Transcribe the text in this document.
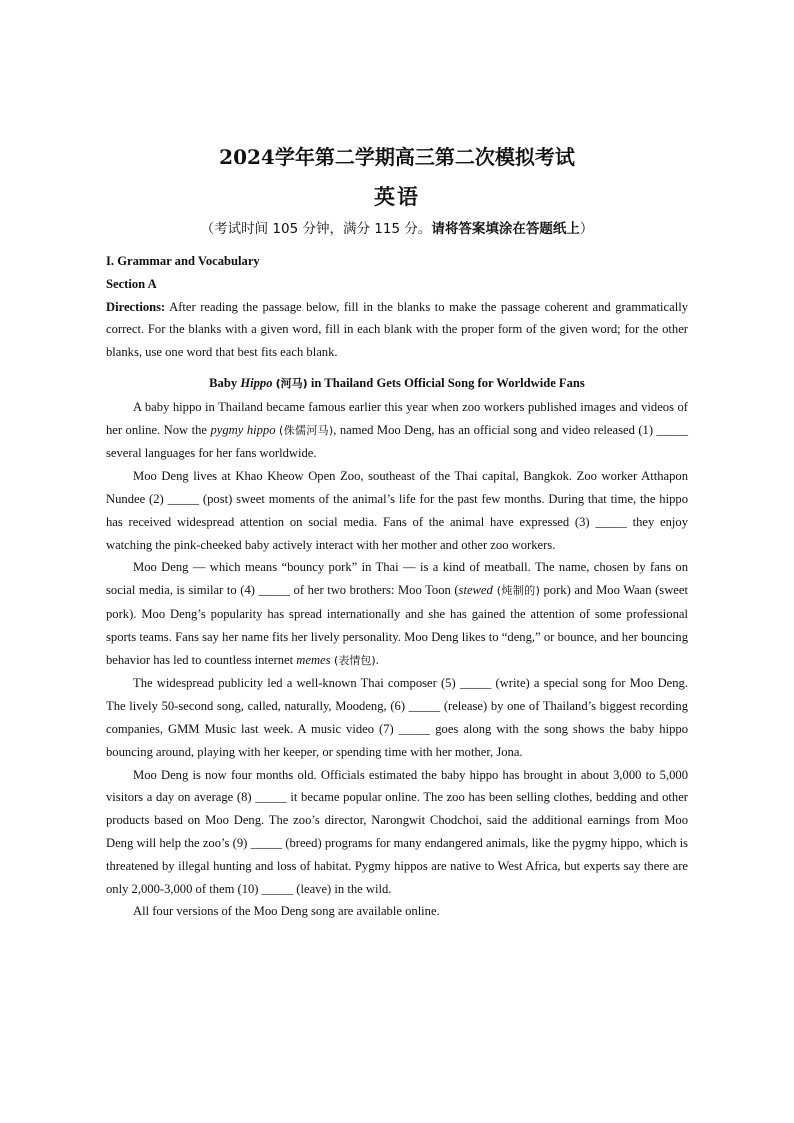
2024学年第二学期高三第二次模拟考试
英语
（考试时间 105 分钟，满分 115 分。请将答案填涂在答题纸上）

I. Grammar and Vocabulary

Section A

Directions: After reading the passage below, fill in the blanks to make the passage coherent and grammatically correct. For the blanks with a given word, fill in each blank with the proper form of the given word; for the other blanks, use one word that best fits each blank.

Baby Hippo (河马) in Thailand Gets Official Song for Worldwide Fans

A baby hippo in Thailand became famous earlier this year when zoo workers published images and videos of her online. Now the pygmy hippo (侏儒河马), named Moo Deng, has an official song and video released (1) _____ several languages for her fans worldwide.

Moo Deng lives at Khao Kheow Open Zoo, southeast of the Thai capital, Bangkok. Zoo worker Atthapon Nundee (2) _____ (post) sweet moments of the animal’s life for the past few months. During that time, the hippo has received widespread attention on social media. Fans of the animal have expressed (3) _____ they enjoy watching the pink-cheeked baby actively interact with her mother and other zoo workers.

Moo Deng — which means “bouncy pork” in Thai — is a kind of meatball. The name, chosen by fans on social media, is similar to (4) _____ of her two brothers: Moo Toon (stewed (炖制的) pork) and Moo Waan (sweet pork). Moo Deng’s popularity has spread internationally and she has gained the attention of some professional sports teams. Fans say her name fits her lively personality. Moo Deng likes to “deng,” or bounce, and her bouncing behavior has led to countless internet memes (表情包).

The widespread publicity led a well-known Thai composer (5) _____ (write) a special song for Moo Deng. The lively 50-second song, called, naturally, Moodeng, (6) _____ (release) by one of Thailand’s biggest recording companies, GMM Music last week. A music video (7) _____ goes along with the song shows the baby hippo bouncing around, playing with her keeper, or spending time with her mother, Jona.

Moo Deng is now four months old. Officials estimated the baby hippo has brought in about 3,000 to 5,000 visitors a day on average (8) _____ it became popular online. The zoo has been selling clothes, bedding and other products based on Moo Deng. The zoo’s director, Narongwit Chodchoi, said the additional earnings from Moo Deng will help the zoo’s (9) _____ (breed) programs for many endangered animals, like the pygmy hippo, which is threatened by illegal hunting and loss of habitat. Pygmy hippos are native to West Africa, but experts say there are only 2,000-3,000 of them (10) _____ (leave) in the wild.

All four versions of the Moo Deng song are available online.
